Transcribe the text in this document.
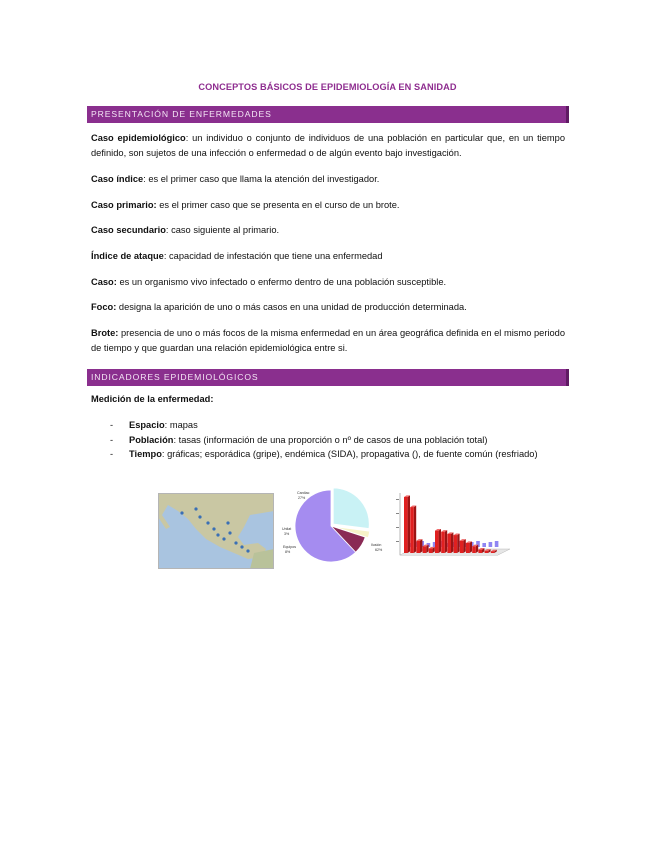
CONCEPTOS BÁSICOS DE EPIDEMIOLOGÍA EN SANIDAD
PRESENTACIÓN DE ENFERMEDADES
Caso epidemiológico: un individuo o conjunto de individuos de una población en particular que, en un tiempo definido, son sujetos de una infección o enfermedad o de algún evento bajo investigación.
Caso índice: es el primer caso que llama la atención del investigador.
Caso primario: es el primer caso que se presenta en el curso de un brote.
Caso secundario: caso siguiente al primario.
Índice de ataque: capacidad de infestación que tiene una enfermedad
Caso: es un organismo vivo infectado o enfermo dentro de una población susceptible.
Foco: designa la aparición de uno o más casos en una unidad de producción determinada.
Brote: presencia de uno o más focos de la misma enfermedad en un área geográfica definida en el mismo periodo de tiempo y que guardan una relación epidemiológica entre si.
INDICADORES EPIDEMIOLÓGICOS
Medición de la enfermedad:
- Espacio: mapas
- Población: tasas (información de una proporción o nº de casos de una población total)
- Tiempo: gráficas; esporádica (gripe), endémica (SIDA), propagativa (), de fuente común (resfriado)
Cardiac
27%
Unilat
3%
Equipos
8%
Ilusión
62%
